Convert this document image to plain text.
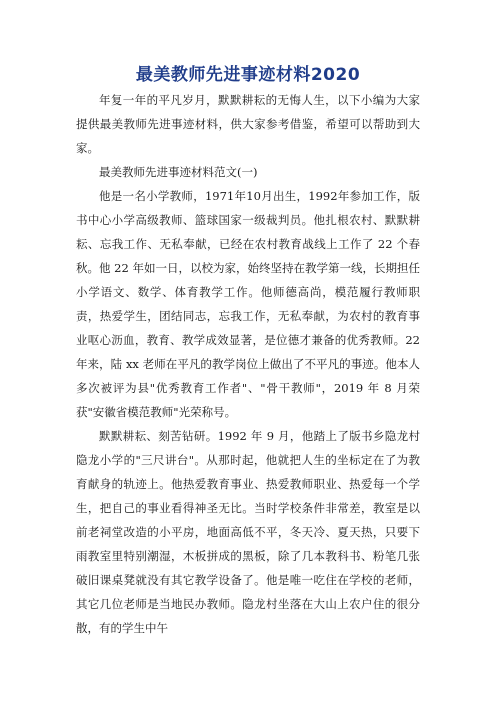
最美教师先进事迹材料2020

年复一年的平凡岁月，默默耕耘的无悔人生，以下小编为大家提供最美教师先进事迹材料，供大家参考借鉴，希望可以帮助到大家。

最美教师先进事迹材料范文(一)

他是一名小学教师，1971年10月出生，1992年参加工作，版书中心小学高级教师、篮球国家一级裁判员。他扎根农村、默默耕耘、忘我工作、无私奉献，已经在农村教育战线上工作了 22 个春秋。他 22 年如一日，以校为家，始终坚持在教学第一线，长期担任小学语文、数学、体育教学工作。他师德高尚，模范履行教师职责，热爱学生，团结同志，忘我工作，无私奉献，为农村的教育事业呕心沥血，教育、教学成效显著，是位德才兼备的优秀教师。22年来，陆 xx 老师在平凡的教学岗位上做出了不平凡的事迹。他本人多次被评为县"优秀教育工作者"、"骨干教师"，2019 年 8 月荣获"安徽省模范教师"光荣称号。

默默耕耘、刻苦钻研。1992 年 9 月，他踏上了版书乡隐龙村隐龙小学的"三尺讲台"。从那时起，他就把人生的坐标定在了为教育献身的轨迹上。他热爱教育事业、热爱教师职业、热爱每一个学生，把自己的事业看得神圣无比。当时学校条件非常差，教室是以前老祠堂改造的小平房，地面高低不平，冬天冷、夏天热，只要下雨教室里特别潮湿，木板拼成的黑板，除了几本教科书、粉笔几张破旧课桌凳就没有其它教学设备了。他是唯一吃住在学校的老师，其它几位老师是当地民办教师。隐龙村坐落在大山上农户住的很分散，有的学生中午
